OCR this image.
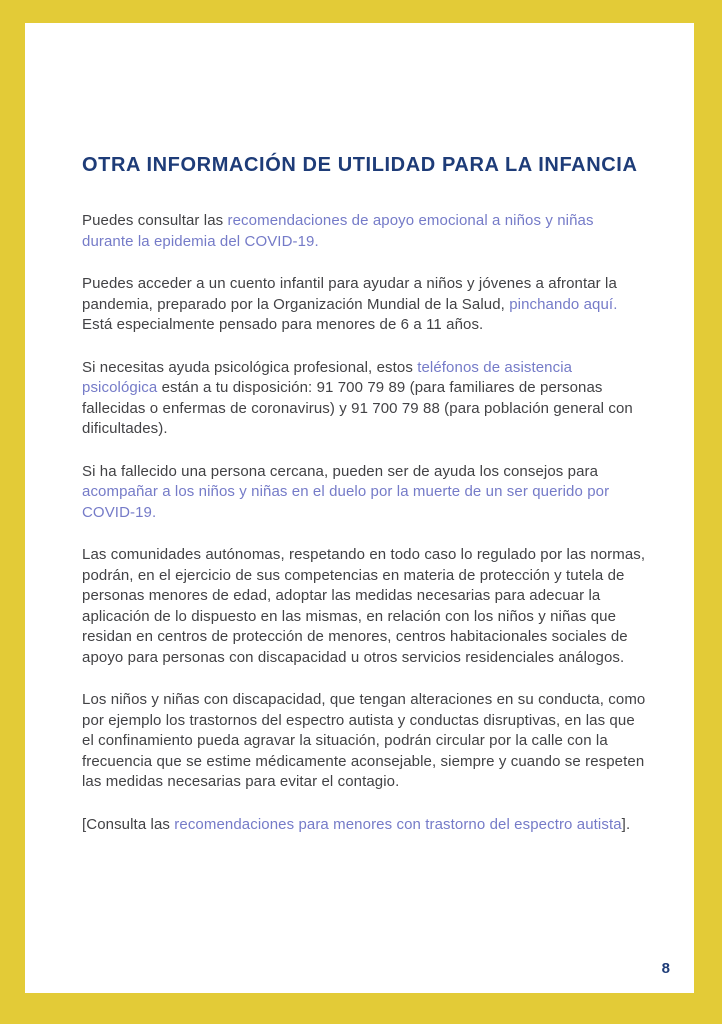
OTRA INFORMACIÓN DE UTILIDAD PARA LA INFANCIA

Puedes consultar las recomendaciones de apoyo emocional a niños y niñas durante la epidemia del COVID-19.

Puedes acceder a un cuento infantil para ayudar a niños y jóvenes a afrontar la pandemia, preparado por la Organización Mundial de la Salud, pinchando aquí. Está especialmente pensado para menores de 6 a 11 años.

Si necesitas ayuda psicológica profesional, estos teléfonos de asistencia psicológica están a tu disposición: 91 700 79 89 (para familiares de personas fallecidas o enfermas de coronavirus) y 91 700 79 88 (para población general con dificultades).

Si ha fallecido una persona cercana, pueden ser de ayuda los consejos para acompañar a los niños y niñas en el duelo por la muerte de un ser querido por COVID-19.

Las comunidades autónomas, respetando en todo caso lo regulado por las normas, podrán, en el ejercicio de sus competencias en materia de protección y tutela de personas menores de edad, adoptar las medidas necesarias para adecuar la aplicación de lo dispuesto en las mismas, en relación con los niños y niñas que residan en centros de protección de menores, centros habitacionales sociales de apoyo para personas con discapacidad u otros servicios residenciales análogos.

Los niños y niñas con discapacidad, que tengan alteraciones en su conducta, como por ejemplo los trastornos del espectro autista y conductas disruptivas, en las que el confinamiento pueda agravar la situación, podrán circular por la calle con la frecuencia que se estime médicamente aconsejable, siempre y cuando se respeten las medidas necesarias para evitar el contagio.

[Consulta las recomendaciones para menores con trastorno del espectro autista].

8
